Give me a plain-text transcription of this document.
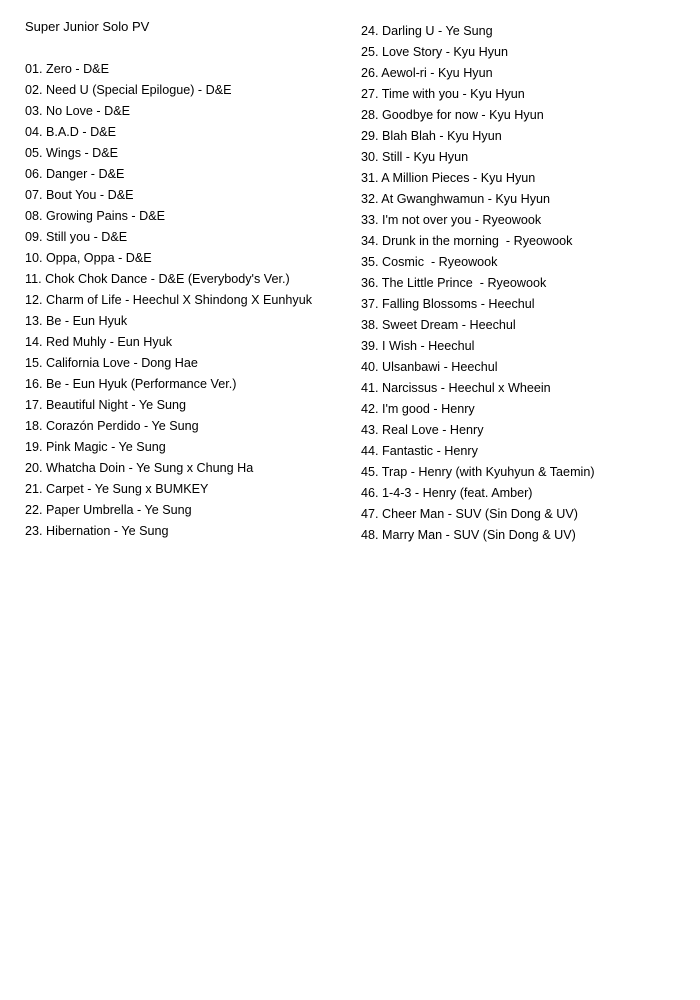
Super Junior Solo PV
01. Zero - D&E
02. Need U (Special Epilogue) - D&E
03. No Love - D&E
04. B.A.D - D&E
05. Wings - D&E
06. Danger - D&E
07. Bout You - D&E
08. Growing Pains - D&E
09. Still you - D&E
10. Oppa, Oppa - D&E
11. Chok Chok Dance - D&E (Everybody's Ver.)
12. Charm of Life - Heechul X Shindong X Eunhyuk
13. Be - Eun Hyuk
14. Red Muhly - Eun Hyuk
15. California Love - Dong Hae
16. Be - Eun Hyuk (Performance Ver.)
17. Beautiful Night - Ye Sung
18. Corazón Perdido - Ye Sung
19. Pink Magic - Ye Sung
20. Whatcha Doin - Ye Sung x Chung Ha
21. Carpet - Ye Sung x BUMKEY
22. Paper Umbrella - Ye Sung
23. Hibernation - Ye Sung
24. Darling U - Ye Sung
25. Love Story - Kyu Hyun
26. Aewol-ri - Kyu Hyun
27. Time with you - Kyu Hyun
28. Goodbye for now - Kyu Hyun
29. Blah Blah - Kyu Hyun
30. Still - Kyu Hyun
31. A Million Pieces - Kyu Hyun
32. At Gwanghwamun - Kyu Hyun
33. I'm not over you - Ryeowook
34. Drunk in the morning  - Ryeowook
35. Cosmic  - Ryeowook
36. The Little Prince  - Ryeowook
37. Falling Blossoms - Heechul
38. Sweet Dream - Heechul
39. I Wish - Heechul
40. Ulsanbawi - Heechul
41. Narcissus - Heechul x Wheein
42. I'm good - Henry
43. Real Love - Henry
44. Fantastic - Henry
45. Trap - Henry (with Kyuhyun & Taemin)
46. 1-4-3 - Henry (feat. Amber)
47. Cheer Man - SUV (Sin Dong & UV)
48. Marry Man - SUV (Sin Dong & UV)
